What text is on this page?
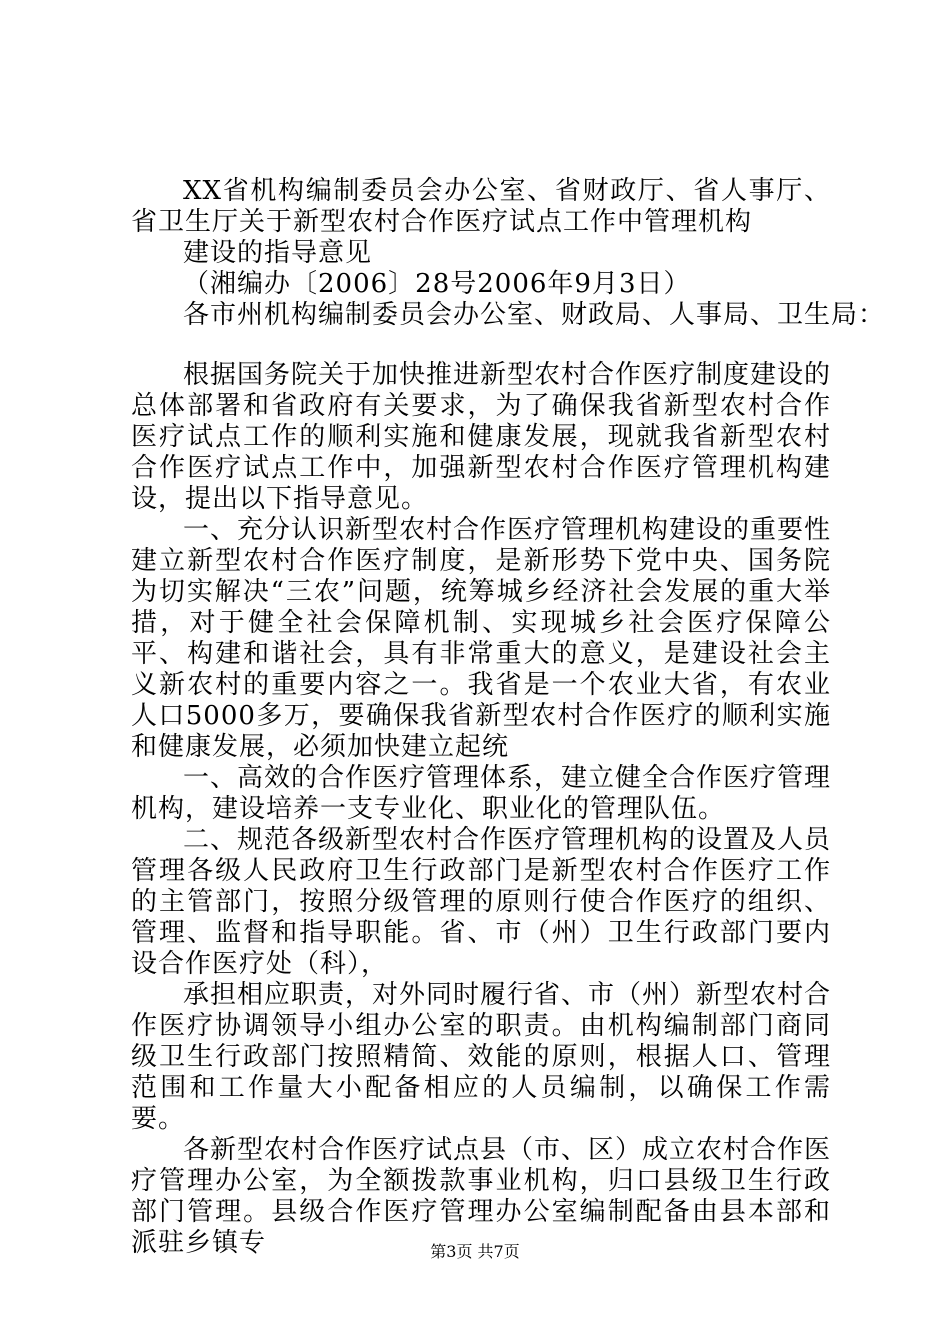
XX省机构编制委员会办公室、省财政厅、省人事厅、省卫生厅关于新型农村合作医疗试点工作中管理机构

建设的指导意见

（湘编办〔2006〕28号2006年9月3日）

各市州机构编制委员会办公室、财政局、人事局、卫生局：

根据国务院关于加快推进新型农村合作医疗制度建设的总体部署和省政府有关要求，为了确保我省新型农村合作医疗试点工作的顺利实施和健康发展，现就我省新型农村合作医疗试点工作中，加强新型农村合作医疗管理机构建设，提出以下指导意见。

一、充分认识新型农村合作医疗管理机构建设的重要性建立新型农村合作医疗制度，是新形势下党中央、国务院为切实解决“三农”问题，统筹城乡经济社会发展的重大举措，对于健全社会保障机制、实现城乡社会医疗保障公平、构建和谐社会，具有非常重大的意义，是建设社会主义新农村的重要内容之一。我省是一个农业大省，有农业人口5000多万，要确保我省新型农村合作医疗的顺利实施和健康发展，必须加快建立起统

一、高效的合作医疗管理体系，建立健全合作医疗管理机构，建设培养一支专业化、职业化的管理队伍。

二、规范各级新型农村合作医疗管理机构的设置及人员管理各级人民政府卫生行政部门是新型农村合作医疗工作的主管部门，按照分级管理的原则行使合作医疗的组织、管理、监督和指导职能。省、市（州）卫生行政部门要内设合作医疗处（科），

承担相应职责，对外同时履行省、市（州）新型农村合作医疗协调领导小组办公室的职责。由机构编制部门商同级卫生行政部门按照精简、效能的原则，根据人口、管理范围和工作量大小配备相应的人员编制，以确保工作需要。

各新型农村合作医疗试点县（市、区）成立农村合作医疗管理办公室，为全额拨款事业机构，归口县级卫生行政部门管理。县级合作医疗管理办公室编制配备由县本部和派驻乡镇专	第3页 共7页
